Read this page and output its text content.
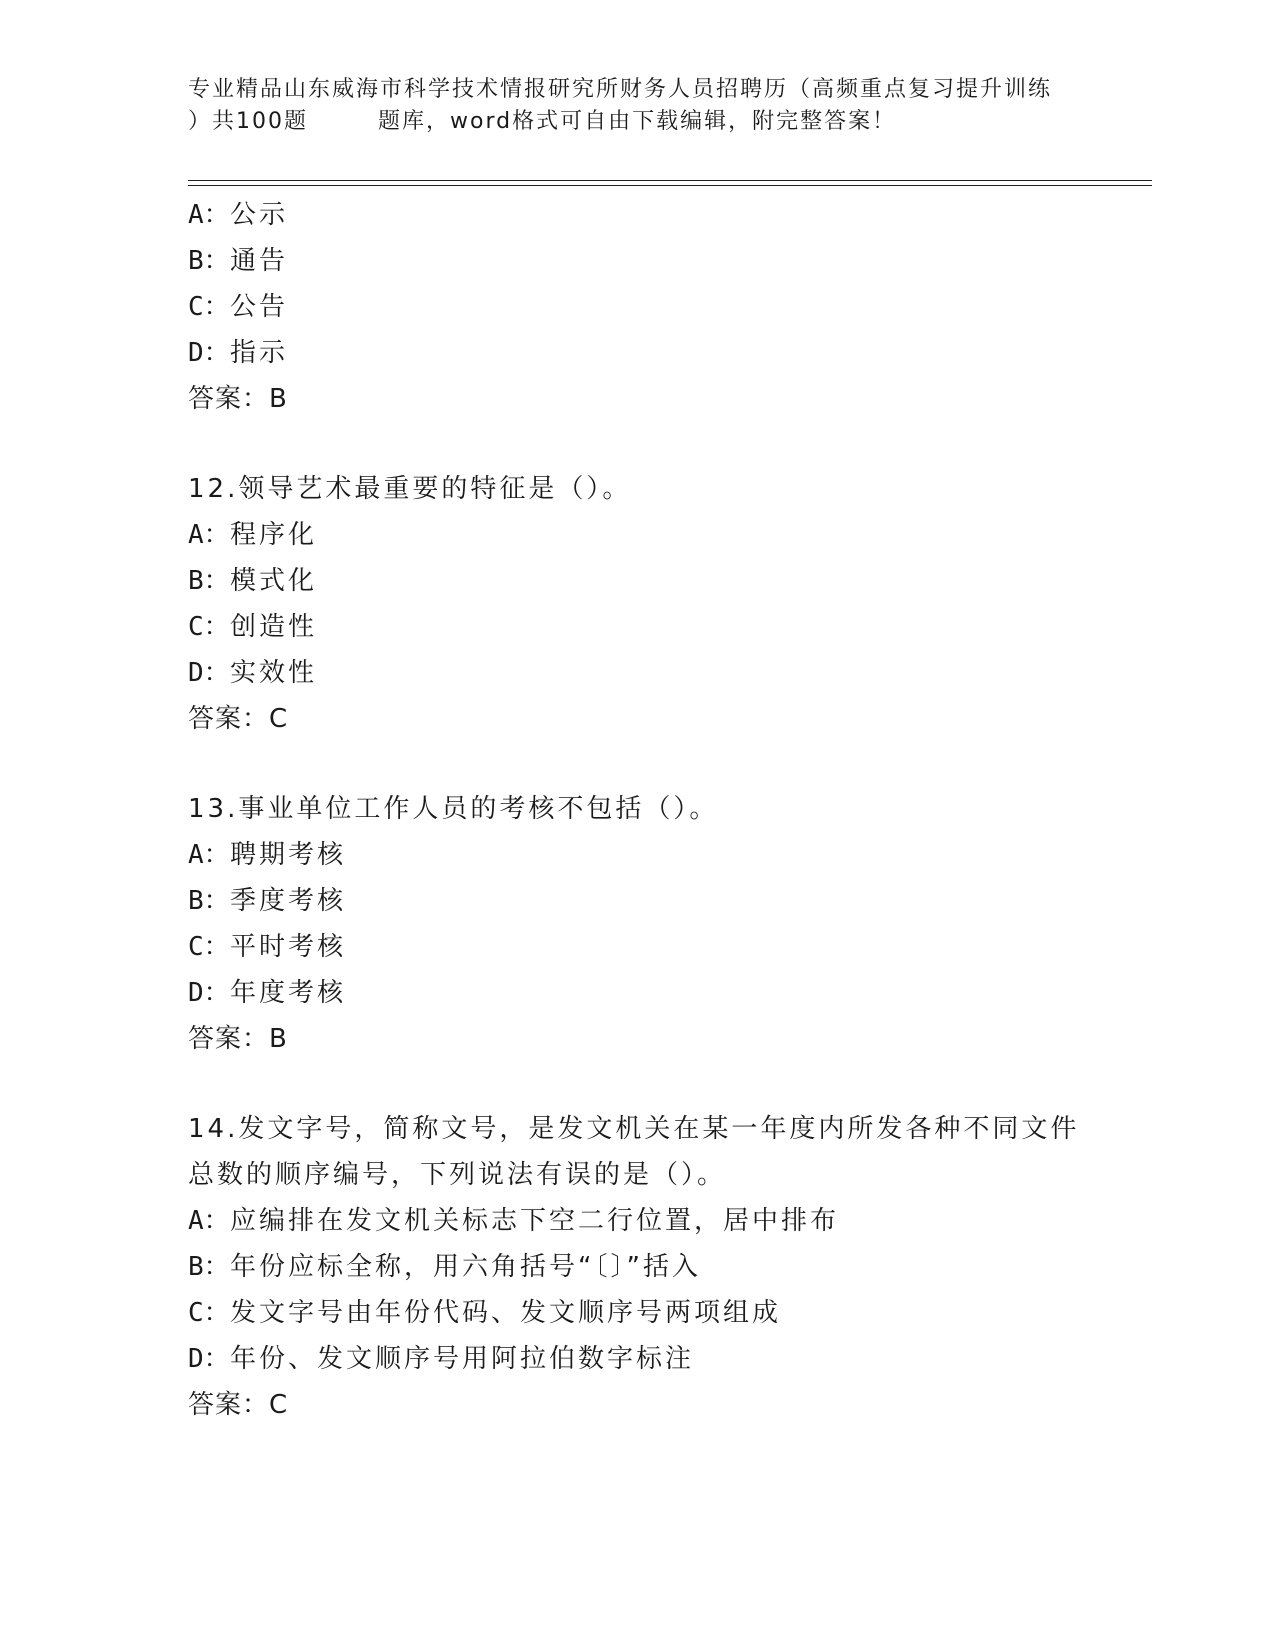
专业精品山东威海市科学技术情报研究所财务人员招聘历（高频重点复习提升训练
）共100题	题库，word格式可自由下载编辑，附完整答案！
A：公示
B：通告
C：公告
D：指示
答案：B
12.领导艺术最重要的特征是（）。
A：程序化
B：模式化
C：创造性
D：实效性
答案：C
13.事业单位工作人员的考核不包括（）。
A：聘期考核
B：季度考核
C：平时考核
D：年度考核
答案：B
14.发文字号，简称文号，是发文机关在某一年度内所发各种不同文件
总数的顺序编号，下列说法有误的是（）。
A：应编排在发文机关标志下空二行位置，居中排布
B：年份应标全称，用六角括号“〔〕”括入
C：发文字号由年份代码、发文顺序号两项组成
D：年份、发文顺序号用阿拉伯数字标注
答案：C
